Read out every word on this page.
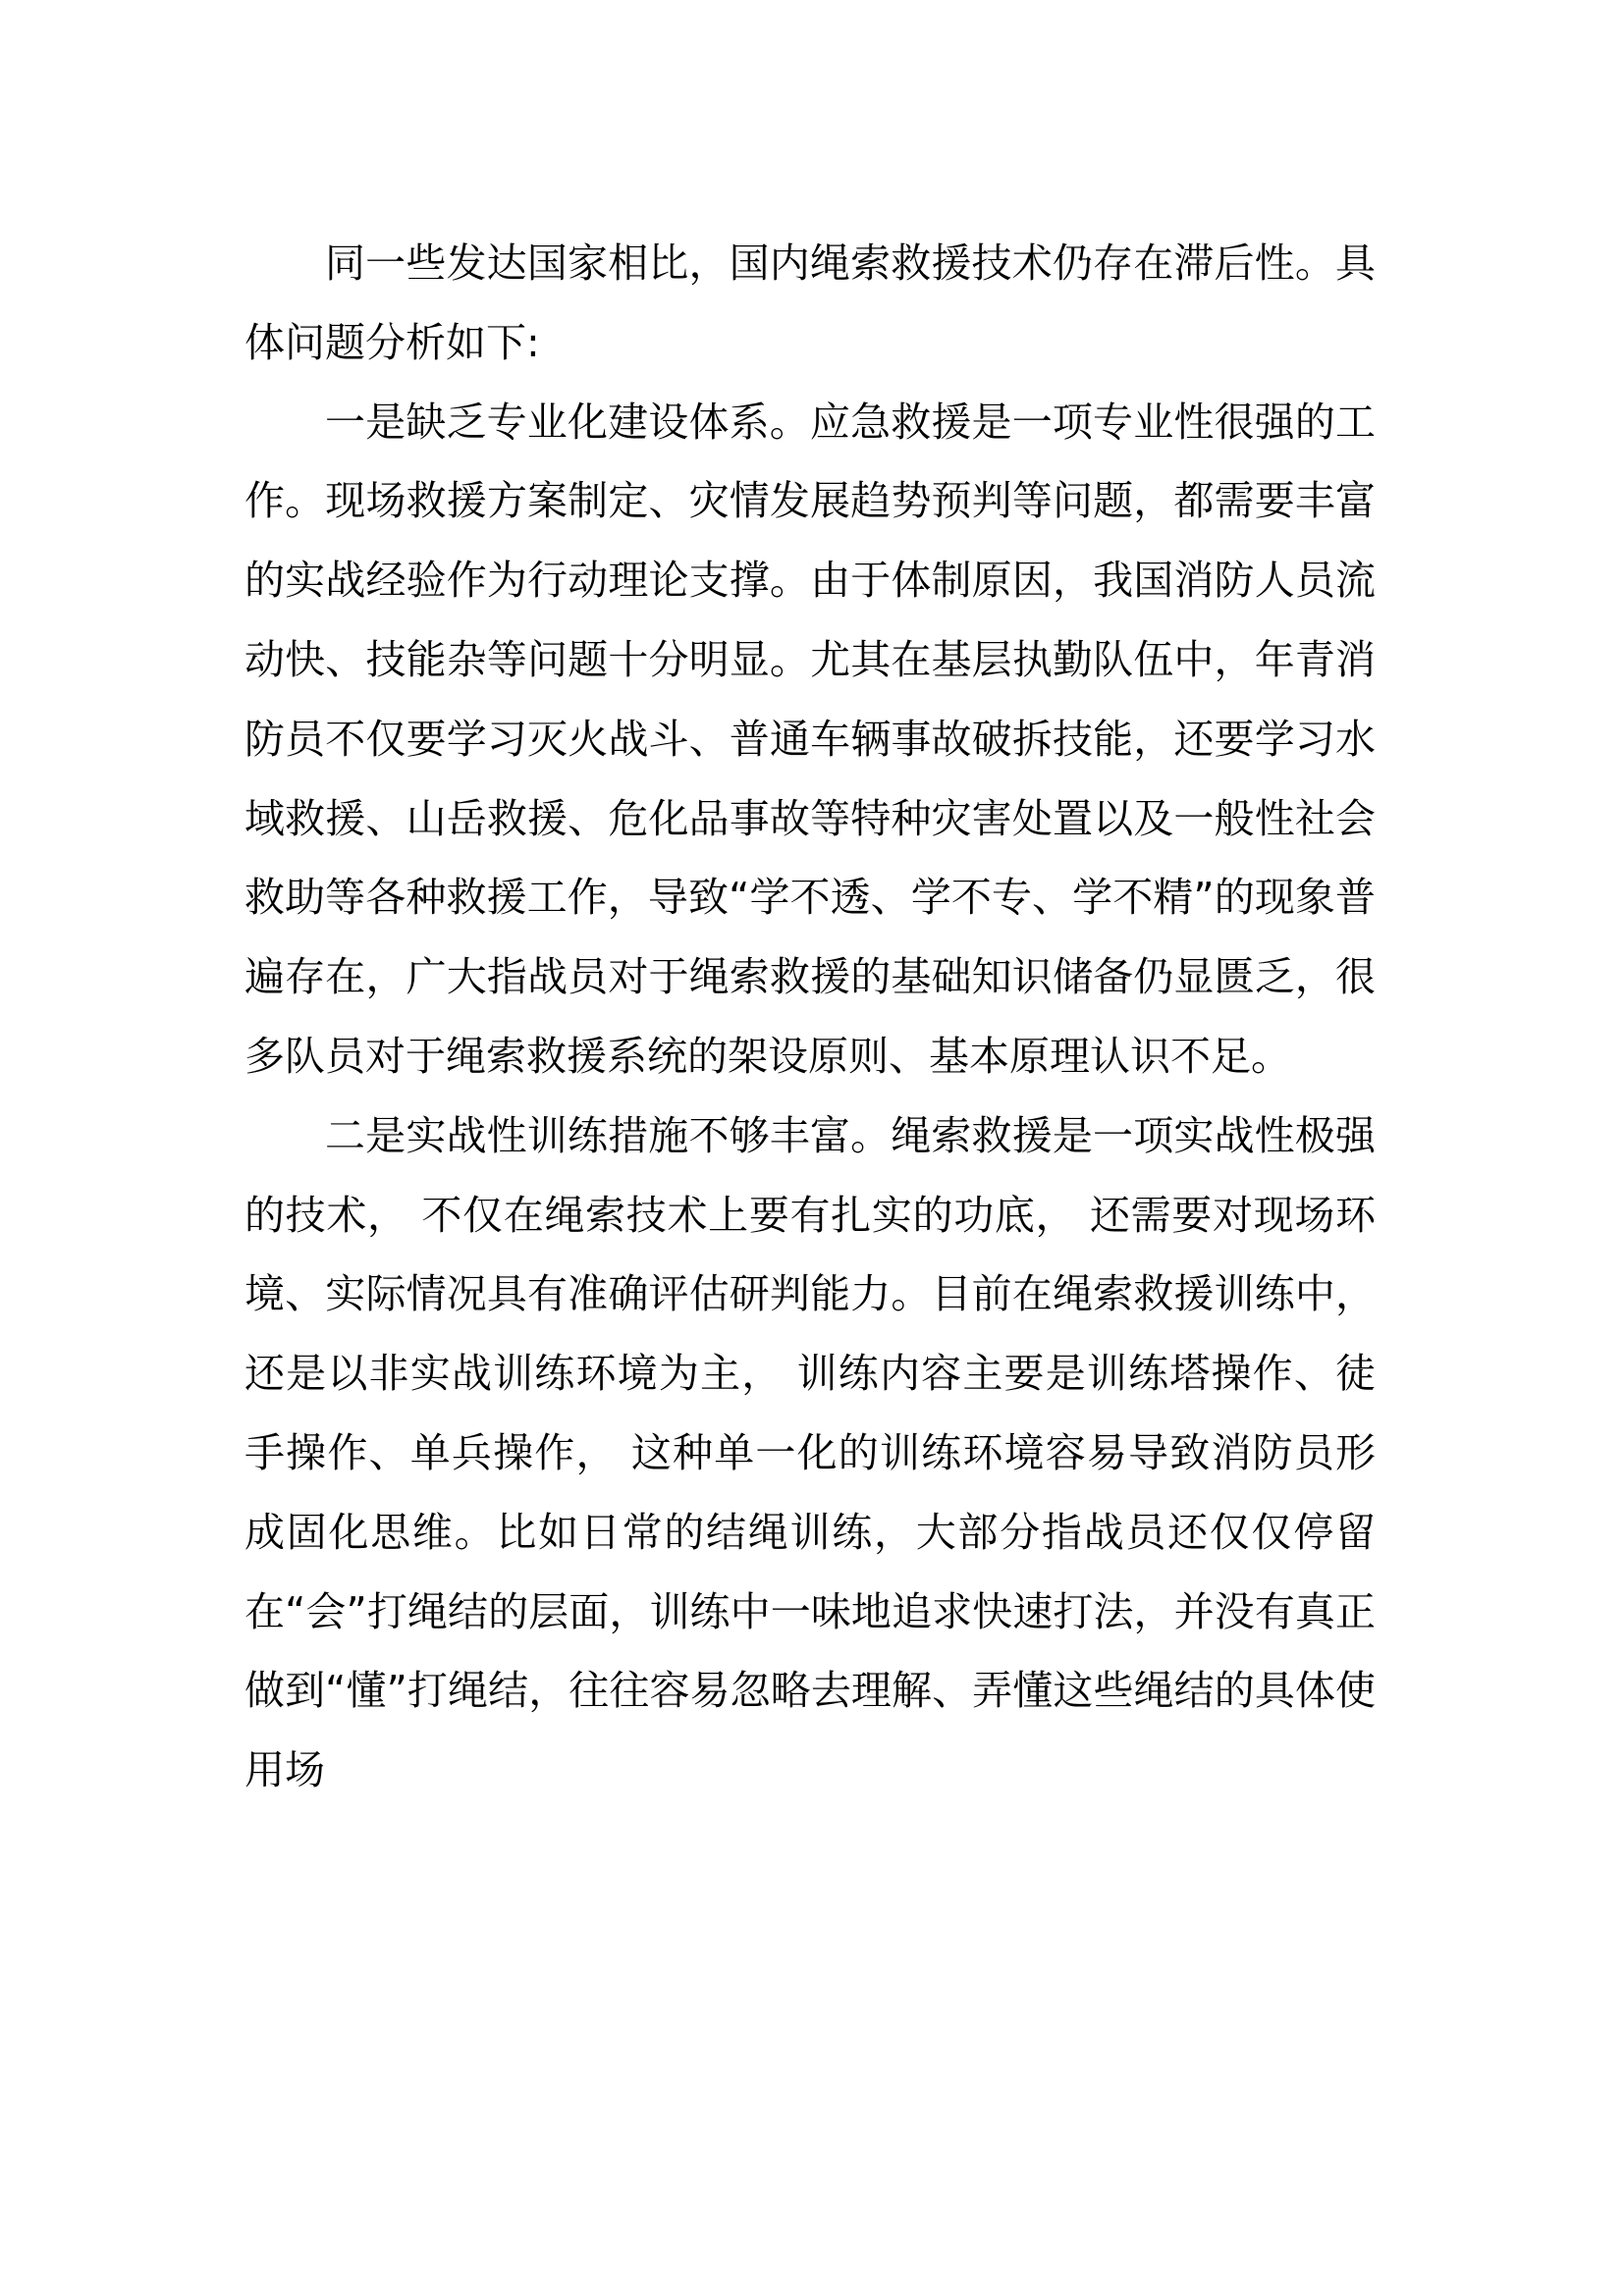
同一些发达国家相比，国内绳索救援技术仍存在滞后性。具体问题分析如下:

一是缺乏专业化建设体系。应急救援是一项专业性很强的工作。现场救援方案制定、灾情发展趋势预判等问题，都需要丰富的实战经验作为行动理论支撑。由于体制原因，我国消防人员流动快、技能杂等问题十分明显。尤其在基层执勤队伍中，年青消防员不仅要学习灭火战斗、普通车辆事故破拆技能，还要学习水域救援、山岳救援、危化品事故等特种灾害处置以及一般性社会救助等各种救援工作，导致“学不透、学不专、学不精”的现象普遍存在，广大指战员对于绳索救援的基础知识储备仍显匮乏，很多队员对于绳索救援系统的架设原则、基本原理认识不足。

二是实战性训练措施不够丰富。绳索救援是一项实战性极强的技术， 不仅在绳索技术上要有扎实的功底， 还需要对现场环境、实际情况具有准确评估研判能力。目前在绳索救援训练中， 还是以非实战训练环境为主， 训练内容主要是训练塔操作、徒手操作、单兵操作， 这种单一化的训练环境容易导致消防员形成固化思维。比如日常的结绳训练，大部分指战员还仅仅停留在“会”打绳结的层面，训练中一味地追求快速打法，并没有真正做到“懂”打绳结，往往容易忽略去理解、弄懂这些绳结的具体使用场
